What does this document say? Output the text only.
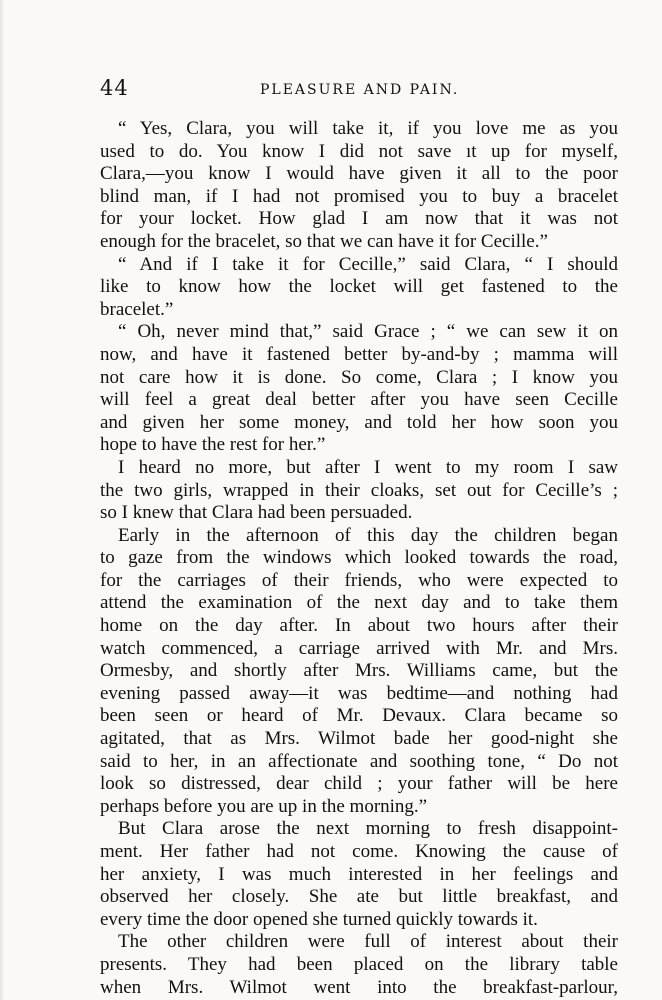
44	PLEASURE AND PAIN.
“ Yes, Clara, you will take it, if you love me as you
used to do. You know I did not save ıt up for myself,
Clara,—you know I would have given it all to the poor
blind man, if I had not promised you to buy a bracelet
for your locket. How glad I am now that it was not
enough for the bracelet, so that we can have it for Cecille.”
“ And if I take it for Cecille,” said Clara, “ I should
like to know how the locket will get fastened to the
bracelet.”
“ Oh, never mind that,” said Grace ; “ we can sew it on
now, and have it fastened better by-and-by ; mamma will
not care how it is done. So come, Clara ; I know you
will feel a great deal better after you have seen Cecille
and given her some money, and told her how soon you
hope to have the rest for her.”
I heard no more, but after I went to my room I saw
the two girls, wrapped in their cloaks, set out for Cecille’s ;
so I knew that Clara had been persuaded.
Early in the afternoon of this day the children began
to gaze from the windows which looked towards the road,
for the carriages of their friends, who were expected to
attend the examination of the next day and to take them
home on the day after. In about two hours after their
watch commenced, a carriage arrived with Mr. and Mrs.
Ormesby, and shortly after Mrs. Williams came, but the
evening passed away—it was bedtime—and nothing had
been seen or heard of Mr. Devaux. Clara became so
agitated, that as Mrs. Wilmot bade her good-night she
said to her, in an affectionate and soothing tone, “ Do not
look so distressed, dear child ; your father will be here
perhaps before you are up in the morning.”
But Clara arose the next morning to fresh disappoint-
ment. Her father had not come. Knowing the cause of
her anxiety, I was much interested in her feelings and
observed her closely. She ate but little breakfast, and
every time the door opened she turned quickly towards it.
The other children were full of interest about their
presents. They had been placed on the library table
when Mrs. Wilmot went into the breakfast-parlour,
